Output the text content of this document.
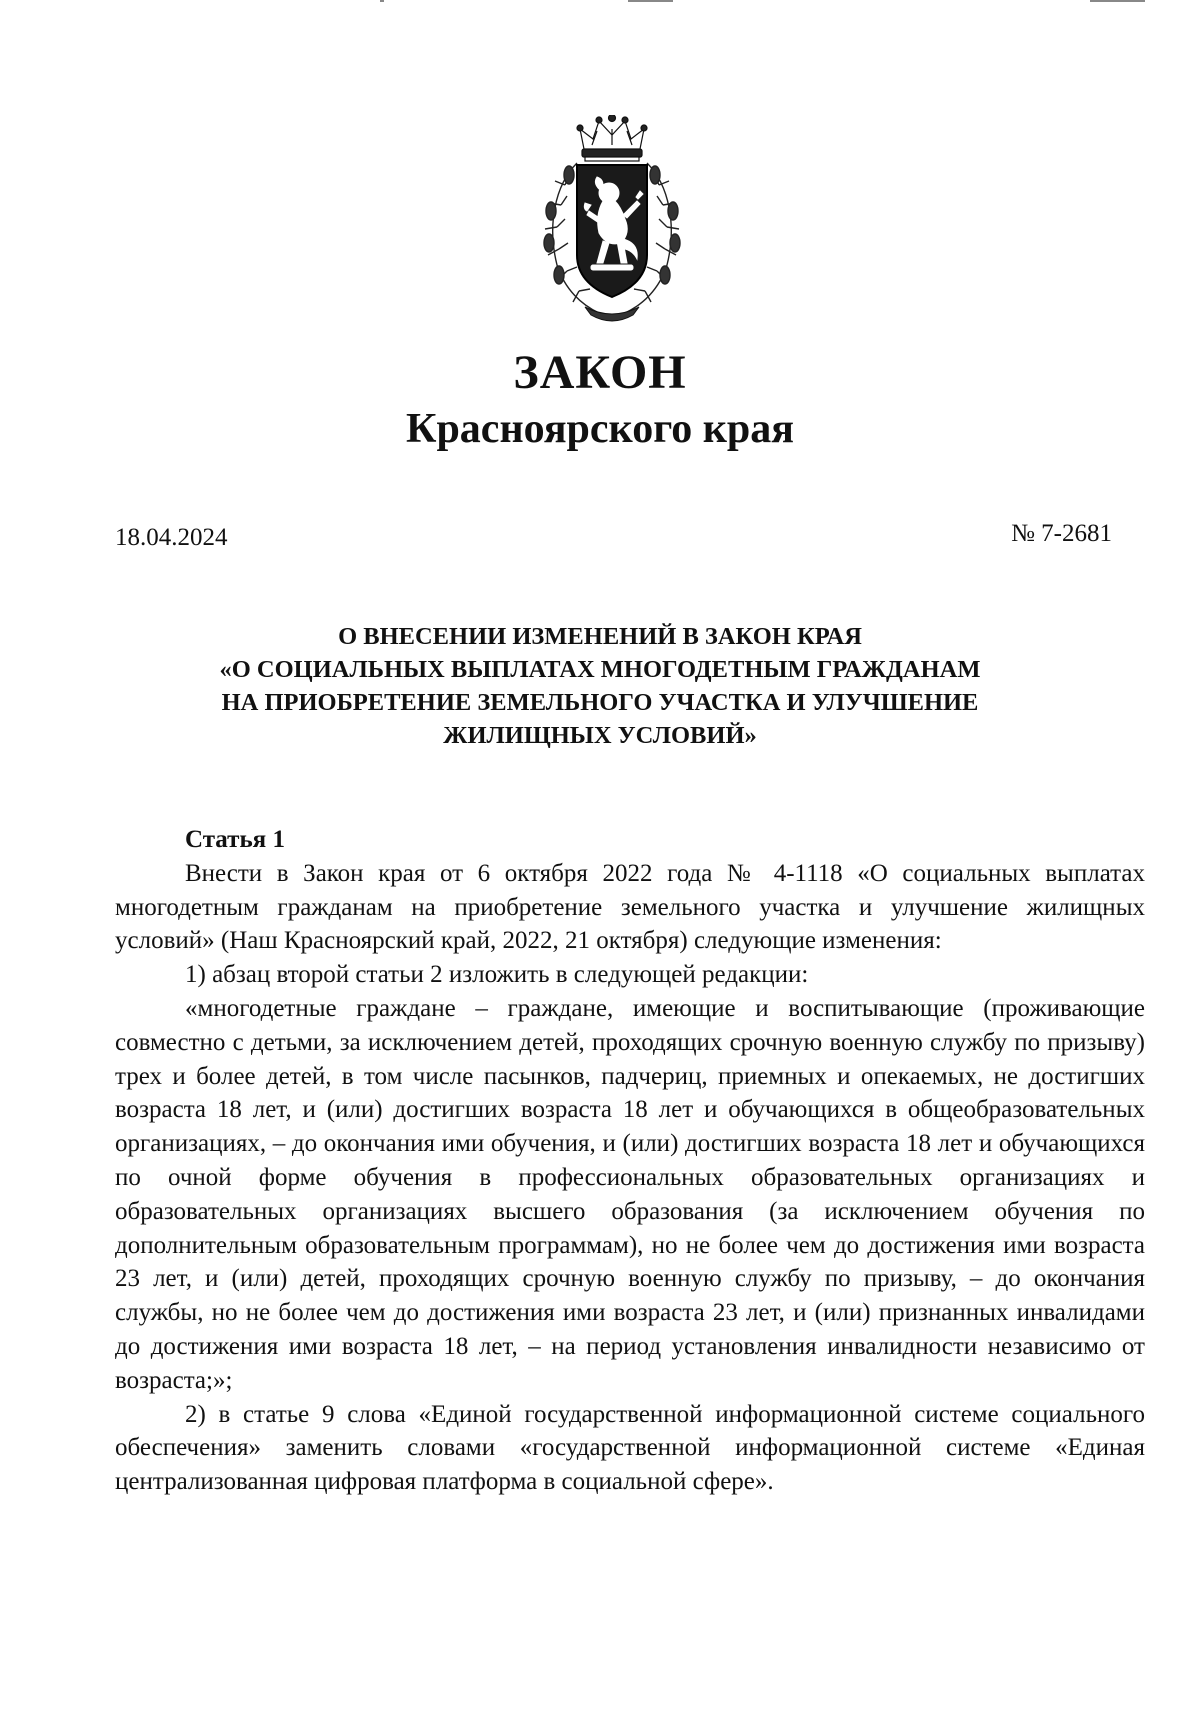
ЗАКОН
Красноярского края
18.04.2024	№ 7-2681
О ВНЕСЕНИИ ИЗМЕНЕНИЙ В ЗАКОН КРАЯ
«О СОЦИАЛЬНЫХ ВЫПЛАТАХ МНОГОДЕТНЫМ ГРАЖДАНАМ
НА ПРИОБРЕТЕНИЕ ЗЕМЕЛЬНОГО УЧАСТКА И УЛУЧШЕНИЕ
ЖИЛИЩНЫХ УСЛОВИЙ»
Статья 1
Внести в Закон края от 6 октября 2022 года № 4-1118 «О социальных выплатах многодетным гражданам на приобретение земельного участка и улучшение жилищных условий» (Наш Красноярский край, 2022, 21 октября) следующие изменения:
1) абзац второй статьи 2 изложить в следующей редакции:
«многодетные граждане – граждане, имеющие и воспитывающие (проживающие совместно с детьми, за исключением детей, проходящих срочную военную службу по призыву) трех и более детей, в том числе пасынков, падчериц, приемных и опекаемых, не достигших возраста 18 лет, и (или) достигших возраста 18 лет и обучающихся в общеобразовательных организациях, – до окончания ими обучения, и (или) достигших возраста 18 лет и обучающихся по очной форме обучения в профессиональных образовательных организациях и образовательных организациях высшего образования (за исключением обучения по дополнительным образовательным программам), но не более чем до достижения ими возраста 23 лет, и (или) детей, проходящих срочную военную службу по призыву, – до окончания службы, но не более чем до достижения ими возраста 23 лет, и (или) признанных инвалидами до достижения ими возраста 18 лет, – на период установления инвалидности независимо от возраста;»;
2) в статье 9 слова «Единой государственной информационной системе социального обеспечения» заменить словами «государственной информационной системе «Единая централизованная цифровая платформа в социальной сфере».
